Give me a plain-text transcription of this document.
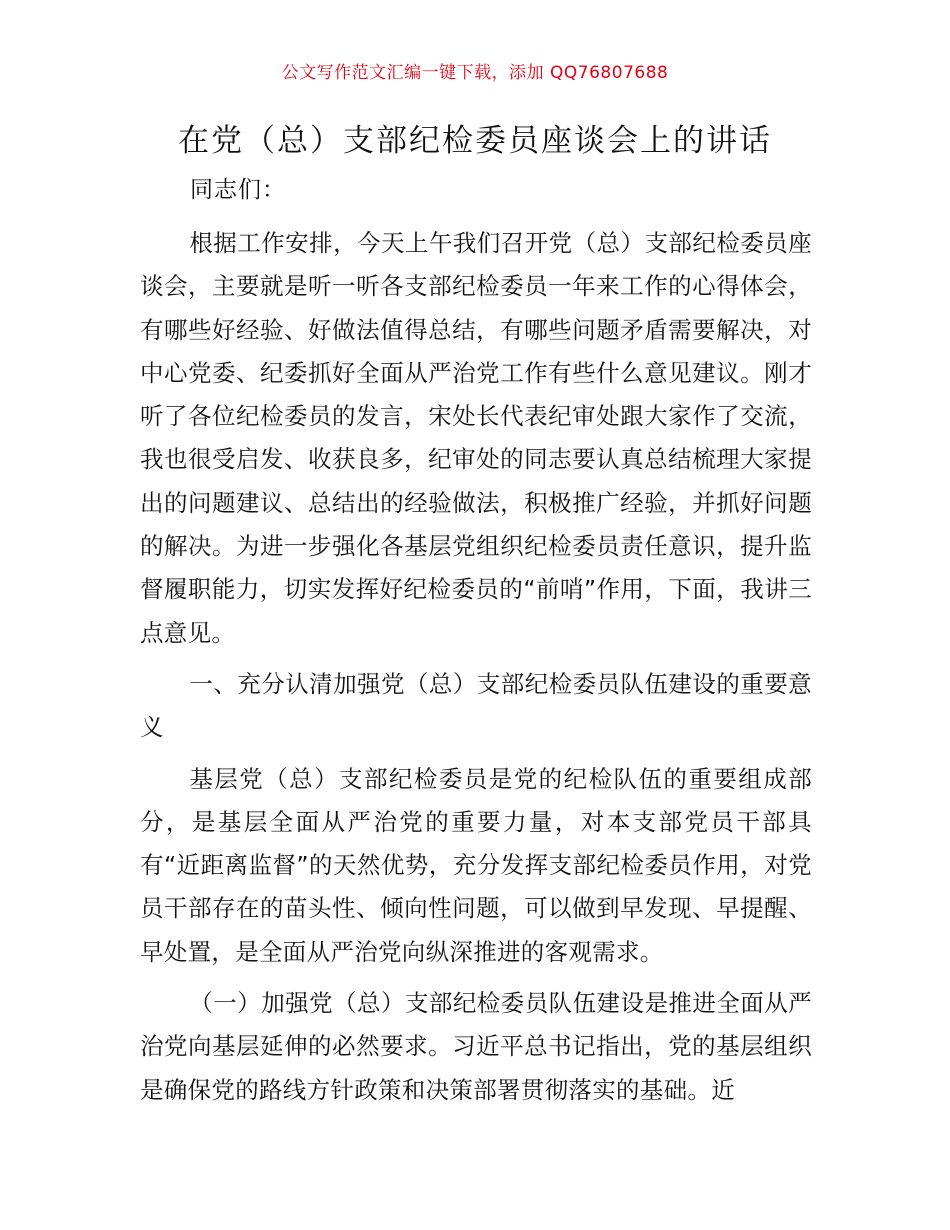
公文写作范文汇编一键下载，添加 QQ76807688
在党（总）支部纪检委员座谈会上的讲话

同志们：

根据工作安排，今天上午我们召开党（总）支部纪检委员座谈会，主要就是听一听各支部纪检委员一年来工作的心得体会，有哪些好经验、好做法值得总结，有哪些问题矛盾需要解决，对中心党委、纪委抓好全面从严治党工作有些什么意见建议。刚才听了各位纪检委员的发言，宋处长代表纪审处跟大家作了交流，我也很受启发、收获良多，纪审处的同志要认真总结梳理大家提出的问题建议、总结出的经验做法，积极推广经验，并抓好问题的解决。为进一步强化各基层党组织纪检委员责任意识，提升监督履职能力，切实发挥好纪检委员的“前哨”作用，下面，我讲三点意见。

一、充分认清加强党（总）支部纪检委员队伍建设的重要意义

基层党（总）支部纪检委员是党的纪检队伍的重要组成部分，是基层全面从严治党的重要力量，对本支部党员干部具有“近距离监督”的天然优势，充分发挥支部纪检委员作用，对党员干部存在的苗头性、倾向性问题，可以做到早发现、早提醒、早处置，是全面从严治党向纵深推进的客观需求。

（一）加强党（总）支部纪检委员队伍建设是推进全面从严治党向基层延伸的必然要求。习近平总书记指出，党的基层组织是确保党的路线方针政策和决策部署贯彻落实的基础。近
